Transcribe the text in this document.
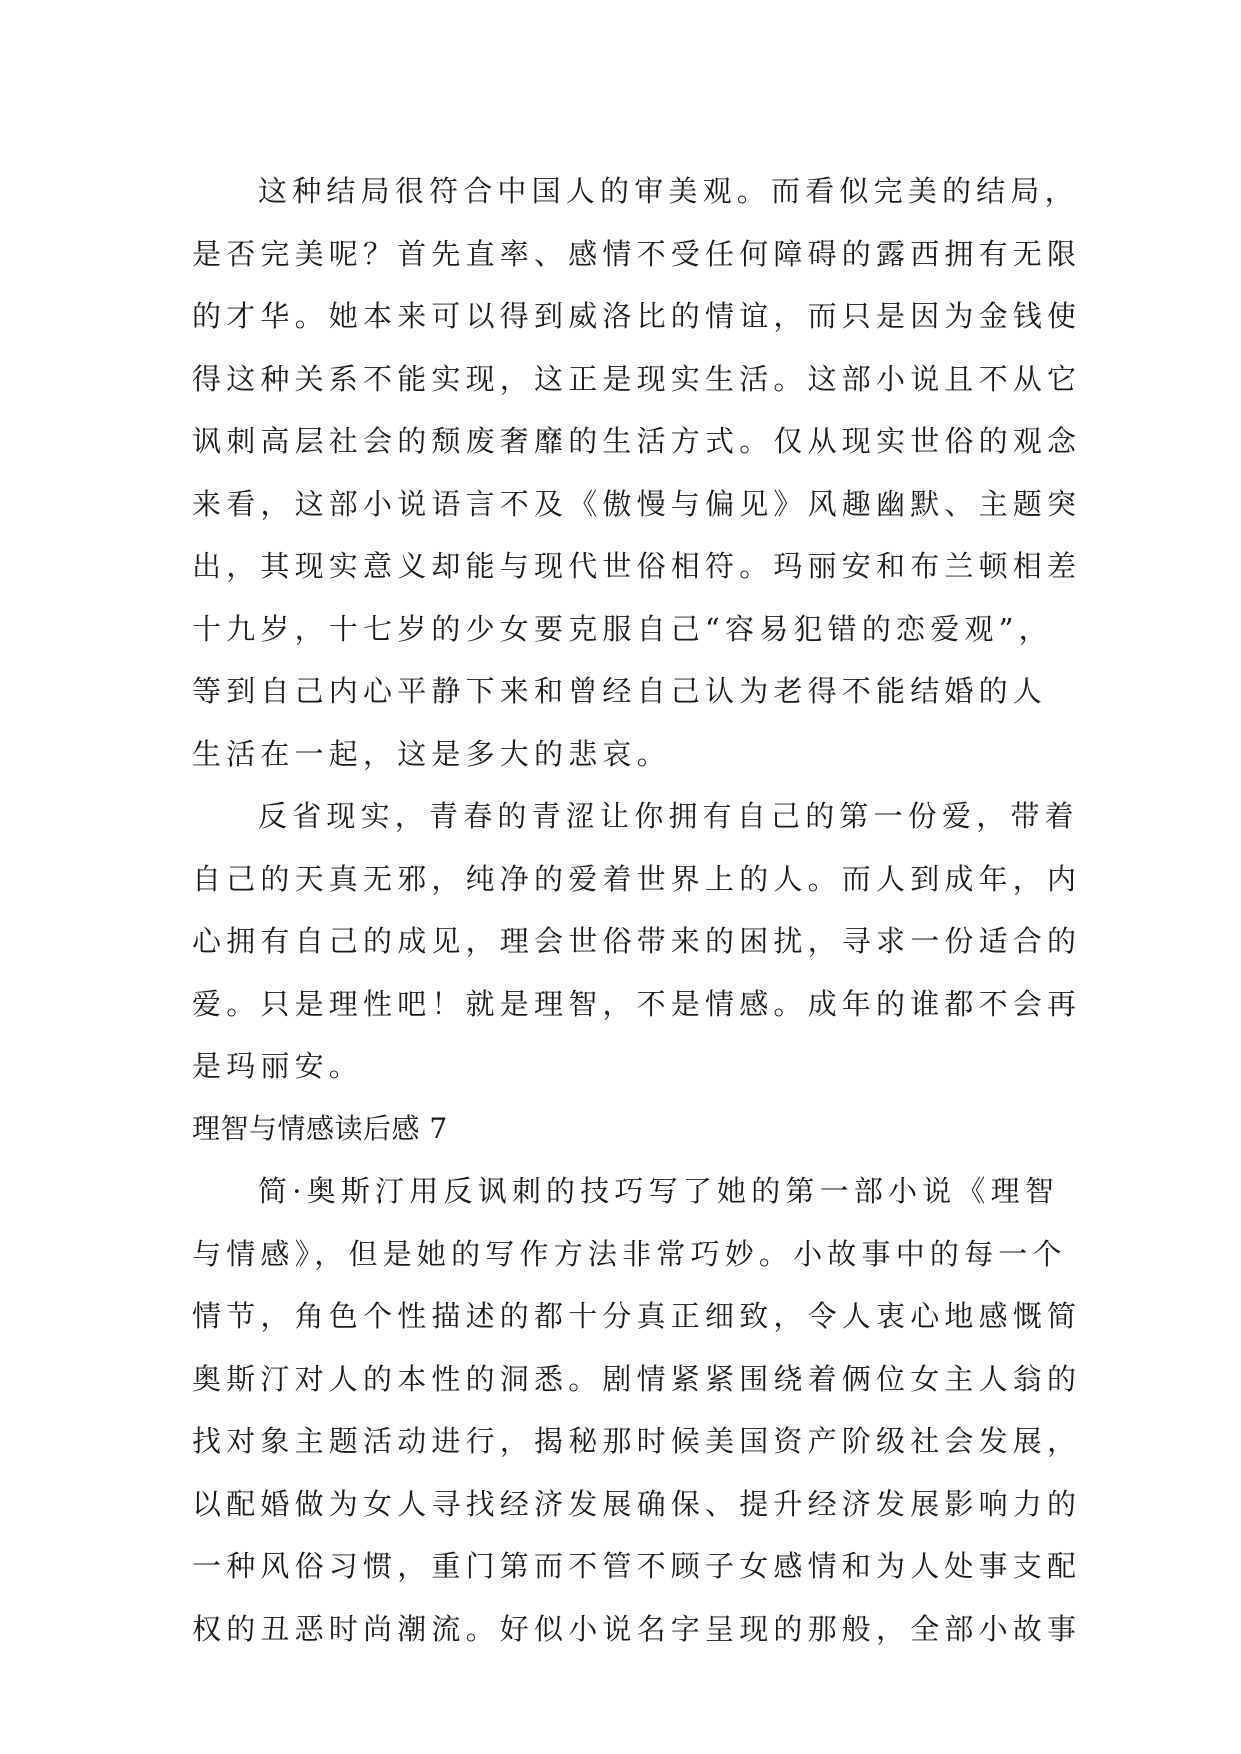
这种结局很符合中国人的审美观。而看似完美的结局，
是否完美呢？首先直率、感情不受任何障碍的露西拥有无限
的才华。她本来可以得到威洛比的情谊，而只是因为金钱使
得这种关系不能实现，这正是现实生活。这部小说且不从它
讽刺高层社会的颓废奢靡的生活方式。仅从现实世俗的观念
来看，这部小说语言不及《傲慢与偏见》风趣幽默、主题突
出，其现实意义却能与现代世俗相符。玛丽安和布兰顿相差
十九岁，十七岁的少女要克服自己“容易犯错的恋爱观”，
等到自己内心平静下来和曾经自己认为老得不能结婚的人
生活在一起，这是多大的悲哀。
反省现实，青春的青涩让你拥有自己的第一份爱，带着
自己的天真无邪，纯净的爱着世界上的人。而人到成年，内
心拥有自己的成见，理会世俗带来的困扰，寻求一份适合的
爱。只是理性吧！就是理智，不是情感。成年的谁都不会再
是玛丽安。
理智与情感读后感 7
简·奥斯汀用反讽刺的技巧写了她的第一部小说《理智
与情感》，但是她的写作方法非常巧妙。小故事中的每一个
情节，角色个性描述的都十分真正细致，令人衷心地感慨简
奥斯汀对人的本性的洞悉。剧情紧紧围绕着俩位女主人翁的
找对象主题活动进行，揭秘那时候美国资产阶级社会发展，
以配婚做为女人寻找经济发展确保、提升经济发展影响力的
一种风俗习惯，重门第而不管不顾子女感情和为人处事支配
权的丑恶时尚潮流。好似小说名字呈现的那般，全部小故事
